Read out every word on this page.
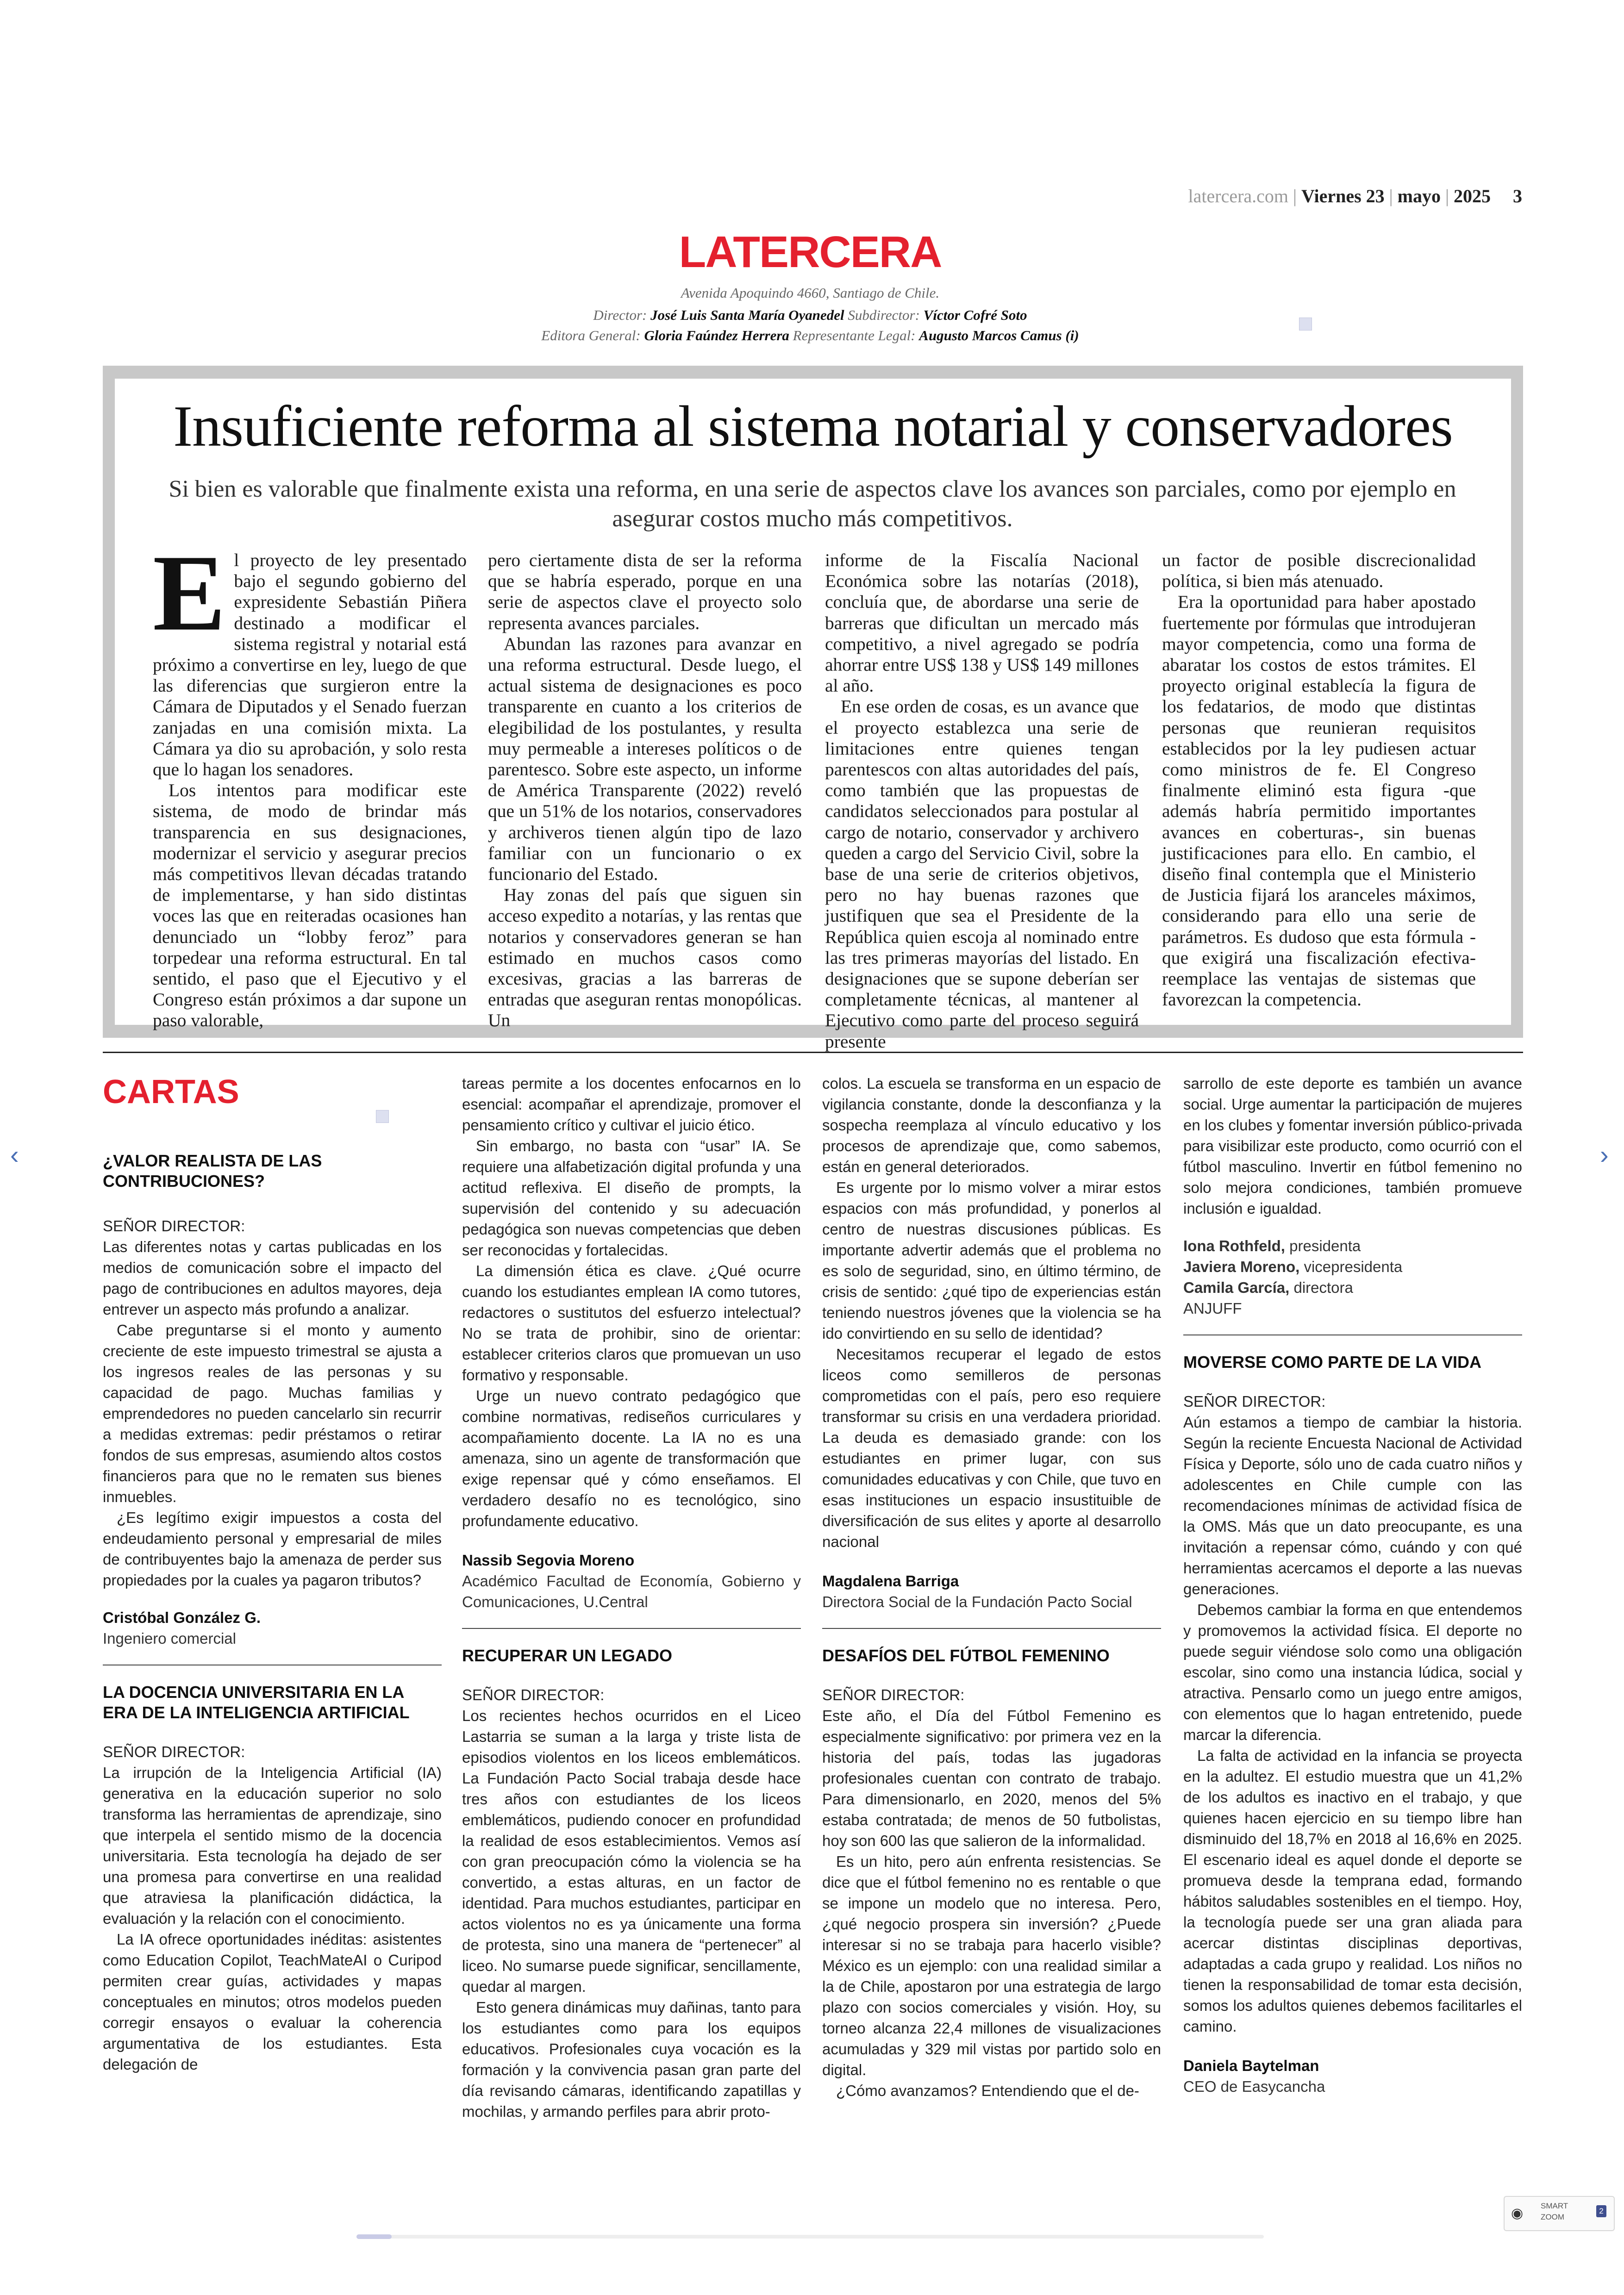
latercera.com | Viernes 23 | mayo | 2025 3
LATERCERA
Avenida Apoquindo 4660, Santiago de Chile.
Director: José Luis Santa María Oyanedel Subdirector: Víctor Cofré Soto
Editora General: Gloria Faúndez Herrera Representante Legal: Augusto Marcos Camus (i)
Insuficiente reforma al sistema notarial y conservadores
Si bien es valorable que finalmente exista una reforma, en una serie de aspectos clave los avances son parciales, como por ejemplo en asegurar costos mucho más competitivos.
E l proyecto de ley presentado bajo el segundo gobierno del expresidente Sebastián Piñera destinado a modificar el sistema registral y notarial está próximo a convertirse en ley, luego de que las diferencias que surgieron entre la Cámara de Diputados y el Senado fuerzan zanjadas en una comisión mixta. La Cámara ya dio su aprobación, y solo resta que lo hagan los senadores.

Los intentos para modificar este sistema, de modo de brindar más transparencia en sus designaciones, modernizar el servicio y asegurar precios más competitivos llevan décadas tratando de implementarse, y han sido distintas voces las que en reiteradas ocasiones han denunciado un “lobby feroz” para torpedear una reforma estructural. En tal sentido, el paso que el Ejecutivo y el Congreso están próximos a dar supone un paso valorable,

pero ciertamente dista de ser la reforma que se habría esperado, porque en una serie de aspectos clave el proyecto solo representa avances parciales.

Abundan las razones para avanzar en una reforma estructural. Desde luego, el actual sistema de designaciones es poco transparente en cuanto a los criterios de elegibilidad de los postulantes, y resulta muy permeable a intereses políticos o de parentesco. Sobre este aspecto, un informe de América Transparente (2022) reveló que un 51% de los notarios, conservadores y archiveros tienen algún tipo de lazo familiar con un funcionario o ex funcionario del Estado.

Hay zonas del país que siguen sin acceso expedito a notarías, y las rentas que notarios y conservadores generan se han estimado en muchos casos como excesivas, gracias a las barreras de entradas que aseguran rentas monopólicas. Un

informe de la Fiscalía Nacional Económica sobre las notarías (2018), concluía que, de abordarse una serie de barreras que dificultan un mercado más competitivo, a nivel agregado se podría ahorrar entre US$ 138 y US$ 149 millones al año.

En ese orden de cosas, es un avance que el proyecto establezca una serie de limitaciones entre quienes tengan parentescos con altas autoridades del país, como también que las propuestas de candidatos seleccionados para postular al cargo de notario, conservador y archivero queden a cargo del Servicio Civil, sobre la base de una serie de criterios objetivos, pero no hay buenas razones que justifiquen que sea el Presidente de la República quien escoja al nominado entre las tres primeras mayorías del listado. En designaciones que se supone deberían ser completamente técnicas, al mantener al Ejecutivo como parte del proceso seguirá presente

un factor de posible discrecionalidad política, si bien más atenuado.

Era la oportunidad para haber apostado fuertemente por fórmulas que introdujeran mayor competencia, como una forma de abaratar los costos de estos trámites. El proyecto original establecía la figura de los fedatarios, de modo que distintas personas que reunieran requisitos establecidos por la ley pudiesen actuar como ministros de fe. El Congreso finalmente eliminó esta figura -que además habría permitido importantes avances en coberturas-, sin buenas justificaciones para ello. En cambio, el diseño final contempla que el Ministerio de Justicia fijará los aranceles máximos, considerando para ello una serie de parámetros. Es dudoso que esta fórmula -que exigirá una fiscalización efectiva- reemplace las ventajas de sistemas que favorezcan la competencia.

CARTAS
¿VALOR REALISTA DE LAS CONTRIBUCIONES?

SEÑOR DIRECTOR:

Las diferentes notas y cartas publicadas en los medios de comunicación sobre el impacto del pago de contribuciones en adultos mayores, deja entrever un aspecto más profundo a analizar.

Cabe preguntarse si el monto y aumento creciente de este impuesto trimestral se ajusta a los ingresos reales de las personas y su capacidad de pago. Muchas familias y emprendedores no pueden cancelarlo sin recurrir a medidas extremas: pedir préstamos o retirar fondos de sus empresas, asumiendo altos costos financieros para que no le rematen sus bienes inmuebles.

¿Es legítimo exigir impuestos a costa del endeudamiento personal y empresarial de miles de contribuyentes bajo la amenaza de perder sus propiedades por la cuales ya pagaron tributos?

Cristóbal González G.

Ingeniero comercial

LA DOCENCIA UNIVERSITARIA EN LA ERA DE LA INTELIGENCIA ARTIFICIAL

SEÑOR DIRECTOR:

La irrupción de la Inteligencia Artificial (IA) generativa en la educación superior no solo transforma las herramientas de aprendizaje, sino que interpela el sentido mismo de la docencia universitaria. Esta tecnología ha dejado de ser una promesa para convertirse en una realidad que atraviesa la planificación didáctica, la evaluación y la relación con el conocimiento.

La IA ofrece oportunidades inéditas: asistentes como Education Copilot, TeachMateAI o Curipod permiten crear guías, actividades y mapas conceptuales en minutos; otros modelos pueden corregir ensayos o evaluar la coherencia argumentativa de los estudiantes. Esta delegación de

tareas permite a los docentes enfocarnos en lo esencial: acompañar el aprendizaje, promover el pensamiento crítico y cultivar el juicio ético.

Sin embargo, no basta con “usar” IA. Se requiere una alfabetización digital profunda y una actitud reflexiva. El diseño de prompts, la supervisión del contenido y su adecuación pedagógica son nuevas competencias que deben ser reconocidas y fortalecidas.

La dimensión ética es clave. ¿Qué ocurre cuando los estudiantes emplean IA como tutores, redactores o sustitutos del esfuerzo intelectual? No se trata de prohibir, sino de orientar: establecer criterios claros que promuevan un uso formativo y responsable.

Urge un nuevo contrato pedagógico que combine normativas, rediseños curriculares y acompañamiento docente. La IA no es una amenaza, sino un agente de transformación que exige repensar qué y cómo enseñamos. El verdadero desafío no es tecnológico, sino profundamente educativo.

Nassib Segovia Moreno

Académico Facultad de Economía, Gobierno y Comunicaciones, U.Central

RECUPERAR UN LEGADO

SEÑOR DIRECTOR:

Los recientes hechos ocurridos en el Liceo Lastarria se suman a la larga y triste lista de episodios violentos en los liceos emblemáticos. La Fundación Pacto Social trabaja desde hace tres años con estudiantes de los liceos emblemáticos, pudiendo conocer en profundidad la realidad de esos establecimientos. Vemos así con gran preocupación cómo la violencia se ha convertido, a estas alturas, en un factor de identidad. Para muchos estudiantes, participar en actos violentos no es ya únicamente una forma de protesta, sino una manera de “pertenecer” al liceo. No sumarse puede significar, sencillamente, quedar al margen.

Esto genera dinámicas muy dañinas, tanto para los estudiantes como para los equipos educativos. Profesionales cuya vocación es la formación y la convivencia pasan gran parte del día revisando cámaras, identificando zapatillas y mochilas, y armando perfiles para abrir proto-

colos. La escuela se transforma en un espacio de vigilancia constante, donde la desconfianza y la sospecha reemplaza al vínculo educativo y los procesos de aprendizaje que, como sabemos, están en general deteriorados.

Es urgente por lo mismo volver a mirar estos espacios con más profundidad, y ponerlos al centro de nuestras discusiones públicas. Es importante advertir además que el problema no es solo de seguridad, sino, en último término, de crisis de sentido: ¿qué tipo de experiencias están teniendo nuestros jóvenes que la violencia se ha ido convirtiendo en su sello de identidad?

Necesitamos recuperar el legado de estos liceos como semilleros de personas comprometidas con el país, pero eso requiere transformar su crisis en una verdadera prioridad. La deuda es demasiado grande: con los estudiantes en primer lugar, con sus comunidades educativas y con Chile, que tuvo en esas instituciones un espacio insustituible de diversificación de sus elites y aporte al desarrollo nacional

Magdalena Barriga

Directora Social de la Fundación Pacto Social

DESAFÍOS DEL FÚTBOL FEMENINO

SEÑOR DIRECTOR:

Este año, el Día del Fútbol Femenino es especialmente significativo: por primera vez en la historia del país, todas las jugadoras profesionales cuentan con contrato de trabajo. Para dimensionarlo, en 2020, menos del 5% estaba contratada; de menos de 50 futbolistas, hoy son 600 las que salieron de la informalidad.

Es un hito, pero aún enfrenta resistencias. Se dice que el fútbol femenino no es rentable o que se impone un modelo que no interesa. Pero, ¿qué negocio prospera sin inversión? ¿Puede interesar si no se trabaja para hacerlo visible? México es un ejemplo: con una realidad similar a la de Chile, apostaron por una estrategia de largo plazo con socios comerciales y visión. Hoy, su torneo alcanza 22,4 millones de visualizaciones acumuladas y 329 mil vistas por partido solo en digital.

¿Cómo avanzamos? Entendiendo que el de-

sarrollo de este deporte es también un avance social. Urge aumentar la participación de mujeres en los clubes y fomentar inversión público-privada para visibilizar este producto, como ocurrió con el fútbol masculino. Invertir en fútbol femenino no solo mejora condiciones, también promueve inclusión e igualdad.

Iona Rothfeld, presidenta

Javiera Moreno, vicepresidenta

Camila García, directora

ANJUFF

MOVERSE COMO PARTE DE LA VIDA

SEÑOR DIRECTOR:

Aún estamos a tiempo de cambiar la historia. Según la reciente Encuesta Nacional de Actividad Física y Deporte, sólo uno de cada cuatro niños y adolescentes en Chile cumple con las recomendaciones mínimas de actividad física de la OMS. Más que un dato preocupante, es una invitación a repensar cómo, cuándo y con qué herramientas acercamos el deporte a las nuevas generaciones.

Debemos cambiar la forma en que entendemos y promovemos la actividad física. El deporte no puede seguir viéndose solo como una obligación escolar, sino como una instancia lúdica, social y atractiva. Pensarlo como un juego entre amigos, con elementos que lo hagan entretenido, puede marcar la diferencia.

La falta de actividad en la infancia se proyecta en la adultez. El estudio muestra que un 41,2% de los adultos es inactivo en el trabajo, y que quienes hacen ejercicio en su tiempo libre han disminuido del 18,7% en 2018 al 16,6% en 2025. El escenario ideal es aquel donde el deporte se promueva desde la temprana edad, formando hábitos saludables sostenibles en el tiempo. Hoy, la tecnología puede ser una gran aliada para acercar distintas disciplinas deportivas, adaptadas a cada grupo y realidad. Los niños no tienen la responsabilidad de tomar esta decisión, somos los adultos quienes debemos facilitarles el camino.

Daniela Baytelman

CEO de Easycancha

‹	›
◉ SMART
ZOOM
2
